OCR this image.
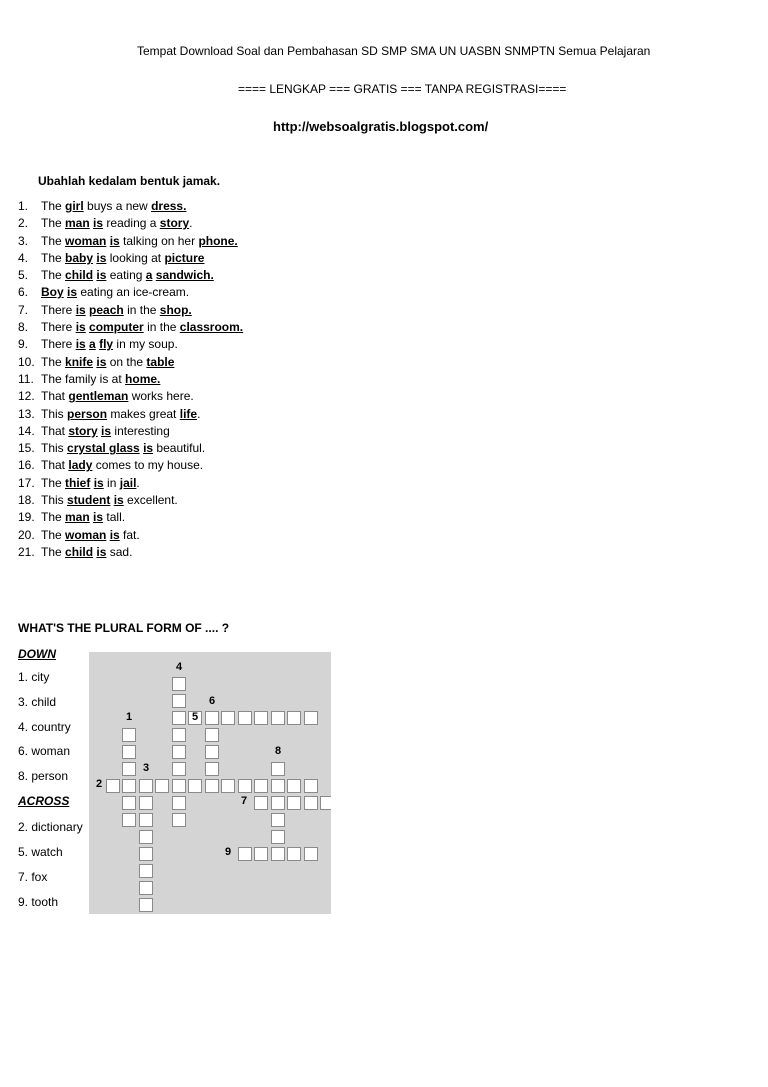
Tempat Download Soal dan Pembahasan SD SMP SMA UN UASBN SNMPTN Semua Pelajaran
==== LENGKAP === GRATIS === TANPA REGISTRASI====
http://websoalgratis.blogspot.com/
Ubahlah kedalam bentuk jamak.
1. The girl buys a new dress.
2. The man is reading a story.
3. The woman is talking on her phone.
4. The baby is looking at picture
5. The child is eating a sandwich.
6. Boy is eating an ice-cream.
7. There is peach in the shop.
8. There is computer in the classroom.
9. There is a fly in my soup.
10. The knife is on the table
11. The family is at home.
12. That gentleman works here.
13. This person makes great life.
14. That story is interesting
15. This crystal glass is beautiful.
16. That lady comes to my house.
17. The thief is in jail.
18. This student is excellent.
19. The man is tall.
20. The woman is fat.
21. The child is sad.
WHAT'S THE PLURAL FORM OF .... ?
DOWN
1. city
3. child
4. country
6. woman
8. person
ACROSS
2. dictionary
5. watch
7. fox
9. tooth
1
2
3
4
5
6
7
8
9
